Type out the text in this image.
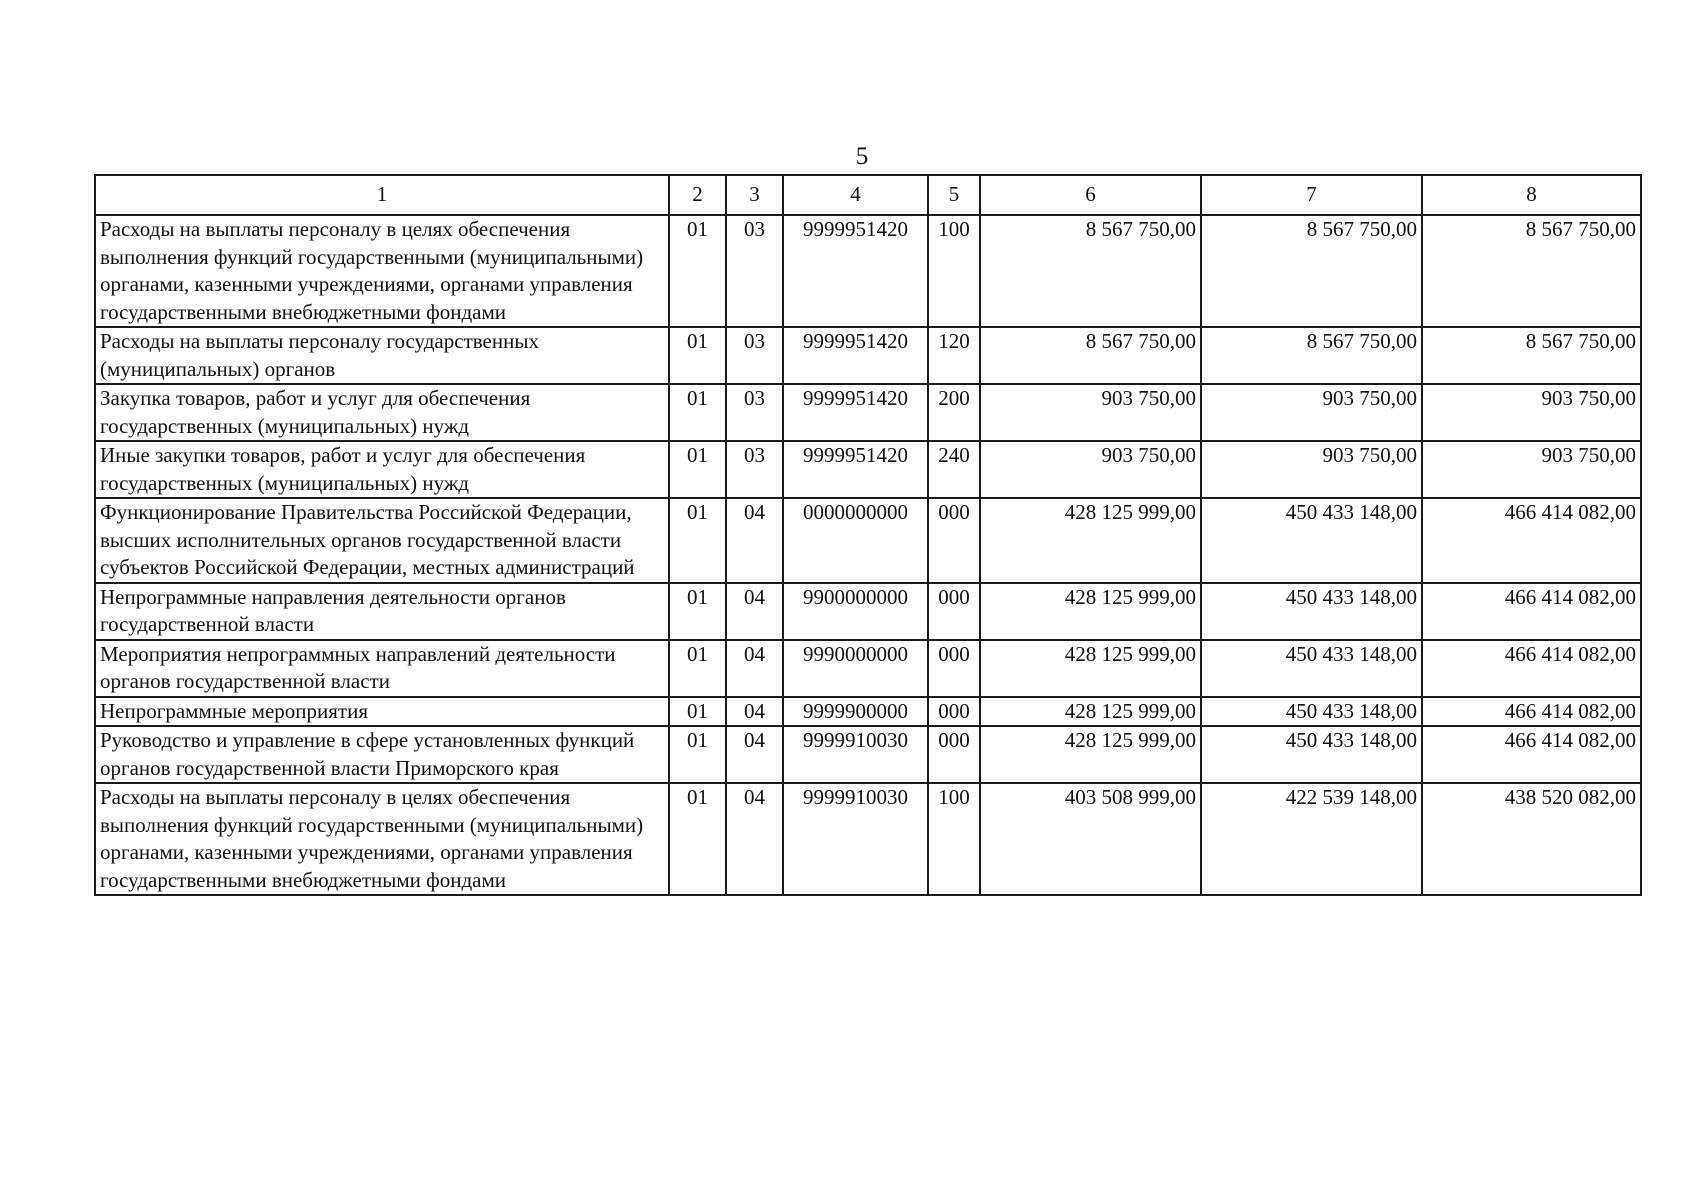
5
1	2	3	4	5	6	7	8
Расходы на выплаты персоналу в целях обеспечения выполнения функций государственными (муниципальными) органами, казенными учреждениями, органами управления государственными внебюджетными фондами	01	03	9999951420	100	8 567 750,00	8 567 750,00	8 567 750,00
Расходы на выплаты персоналу государственных (муниципальных) органов	01	03	9999951420	120	8 567 750,00	8 567 750,00	8 567 750,00
Закупка товаров, работ и услуг для обеспечения государственных (муниципальных) нужд	01	03	9999951420	200	903 750,00	903 750,00	903 750,00
Иные закупки товаров, работ и услуг для обеспечения государственных (муниципальных) нужд	01	03	9999951420	240	903 750,00	903 750,00	903 750,00
Функционирование Правительства Российской Федерации, высших исполнительных органов государственной власти субъектов Российской Федерации, местных администраций	01	04	0000000000	000	428 125 999,00	450 433 148,00	466 414 082,00
Непрограммные направления деятельности органов государственной власти	01	04	9900000000	000	428 125 999,00	450 433 148,00	466 414 082,00
Мероприятия непрограммных направлений деятельности органов государственной власти	01	04	9990000000	000	428 125 999,00	450 433 148,00	466 414 082,00
Непрограммные мероприятия	01	04	9999900000	000	428 125 999,00	450 433 148,00	466 414 082,00
Руководство и управление в сфере установленных функций органов государственной власти Приморского края	01	04	9999910030	000	428 125 999,00	450 433 148,00	466 414 082,00
Расходы на выплаты персоналу в целях обеспечения выполнения функций государственными (муниципальными) органами, казенными учреждениями, органами управления государственными внебюджетными фондами	01	04	9999910030	100	403 508 999,00	422 539 148,00	438 520 082,00
